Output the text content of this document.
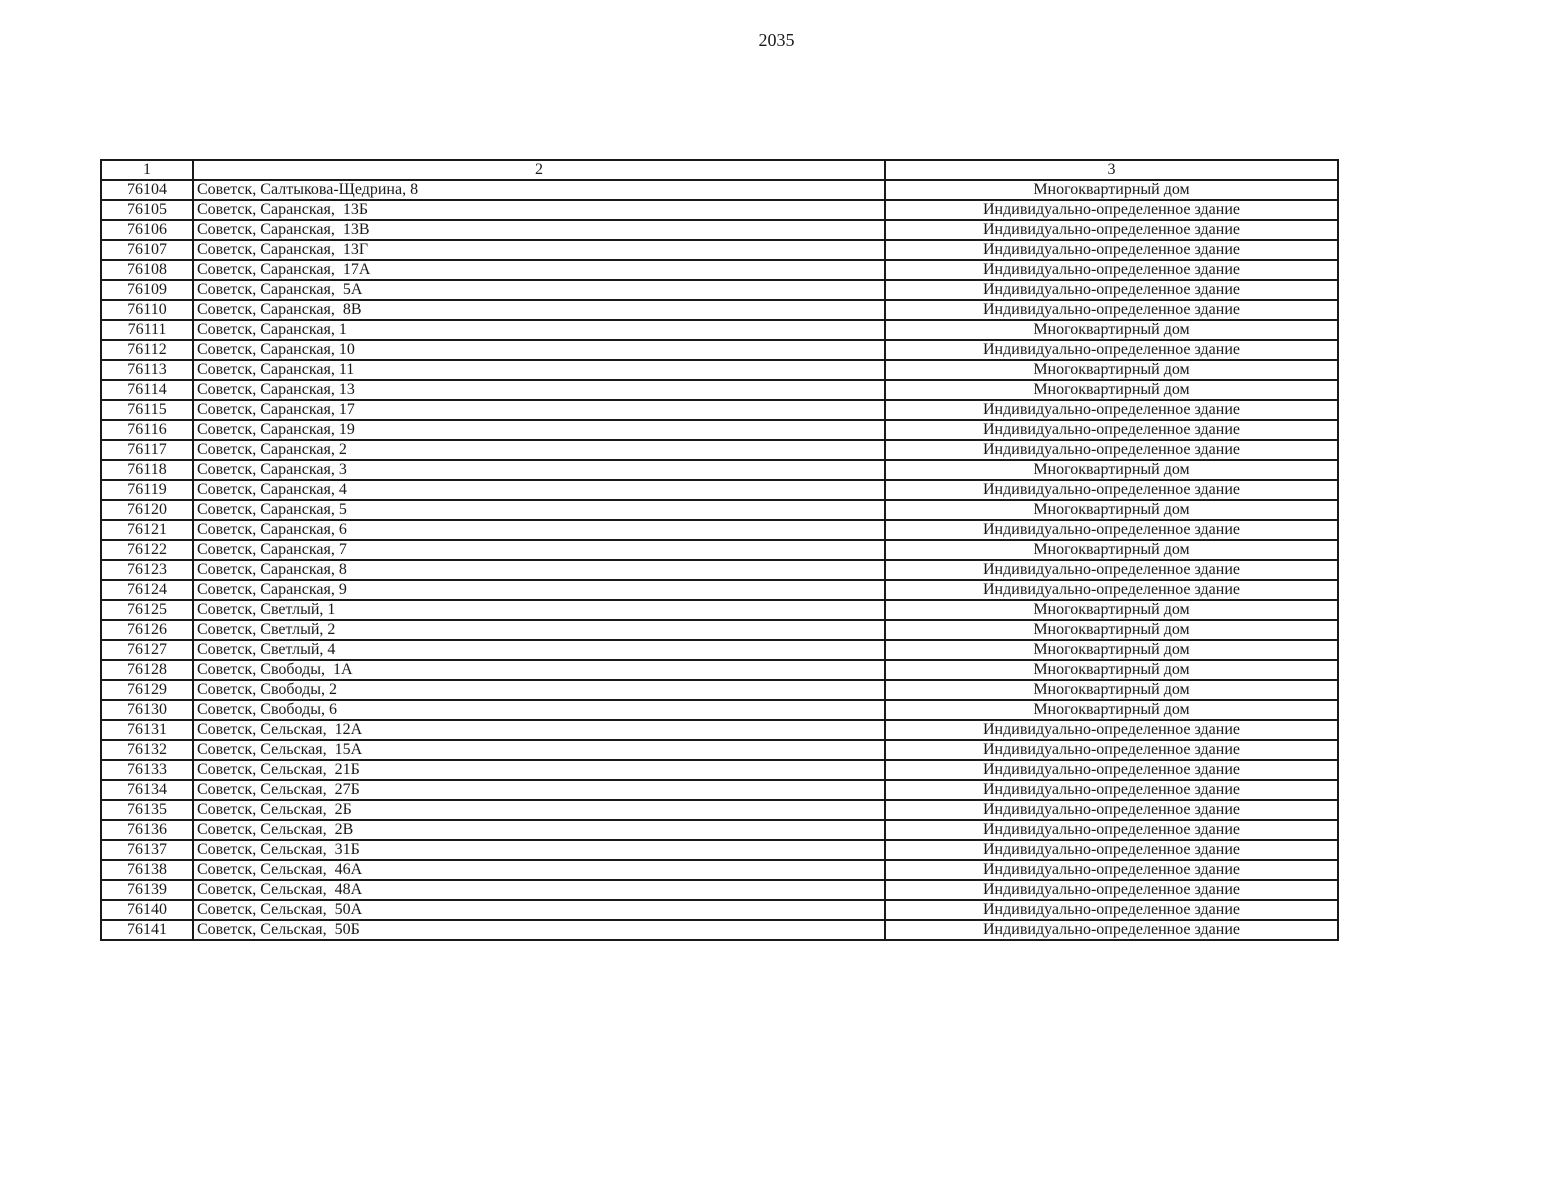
2035
1	2	3
76104	Советск, Салтыкова-Щедрина, 8	Многоквартирный дом
76105	Советск, Саранская,  13Б	Индивидуально-определенное здание
76106	Советск, Саранская,  13В	Индивидуально-определенное здание
76107	Советск, Саранская,  13Г	Индивидуально-определенное здание
76108	Советск, Саранская,  17А	Индивидуально-определенное здание
76109	Советск, Саранская,  5А	Индивидуально-определенное здание
76110	Советск, Саранская,  8В	Индивидуально-определенное здание
76111	Советск, Саранская, 1	Многоквартирный дом
76112	Советск, Саранская, 10	Индивидуально-определенное здание
76113	Советск, Саранская, 11	Многоквартирный дом
76114	Советск, Саранская, 13	Многоквартирный дом
76115	Советск, Саранская, 17	Индивидуально-определенное здание
76116	Советск, Саранская, 19	Индивидуально-определенное здание
76117	Советск, Саранская, 2	Индивидуально-определенное здание
76118	Советск, Саранская, 3	Многоквартирный дом
76119	Советск, Саранская, 4	Индивидуально-определенное здание
76120	Советск, Саранская, 5	Многоквартирный дом
76121	Советск, Саранская, 6	Индивидуально-определенное здание
76122	Советск, Саранская, 7	Многоквартирный дом
76123	Советск, Саранская, 8	Индивидуально-определенное здание
76124	Советск, Саранская, 9	Индивидуально-определенное здание
76125	Советск, Светлый, 1	Многоквартирный дом
76126	Советск, Светлый, 2	Многоквартирный дом
76127	Советск, Светлый, 4	Многоквартирный дом
76128	Советск, Свободы,  1А	Многоквартирный дом
76129	Советск, Свободы, 2	Многоквартирный дом
76130	Советск, Свободы, 6	Многоквартирный дом
76131	Советск, Сельская,  12А	Индивидуально-определенное здание
76132	Советск, Сельская,  15А	Индивидуально-определенное здание
76133	Советск, Сельская,  21Б	Индивидуально-определенное здание
76134	Советск, Сельская,  27Б	Индивидуально-определенное здание
76135	Советск, Сельская,  2Б	Индивидуально-определенное здание
76136	Советск, Сельская,  2В	Индивидуально-определенное здание
76137	Советск, Сельская,  31Б	Индивидуально-определенное здание
76138	Советск, Сельская,  46А	Индивидуально-определенное здание
76139	Советск, Сельская,  48А	Индивидуально-определенное здание
76140	Советск, Сельская,  50А	Индивидуально-определенное здание
76141	Советск, Сельская,  50Б	Индивидуально-определенное здание
